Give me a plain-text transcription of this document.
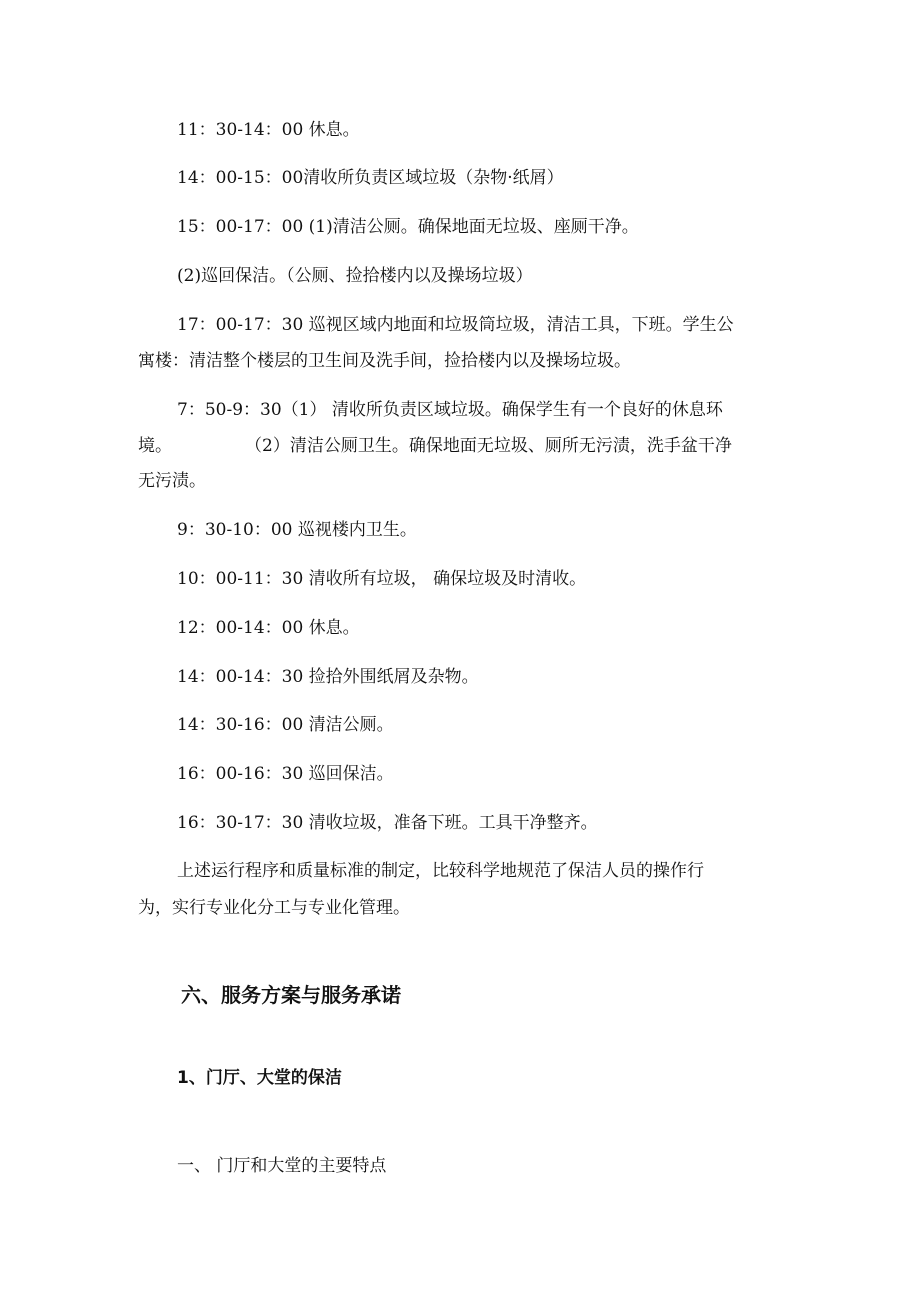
11：30-14：00 休息。
14：00-15：00清收所负责区域垃圾（杂物·纸屑）
15：00-17：00 (1)清洁公厕。确保地面无垃圾、座厕干净。
(2)巡回保洁。（公厕、捡拾楼内以及操场垃圾）
17：00-17：30 巡视区域内地面和垃圾筒垃圾，清洁工具，下班。学生公
寓楼：清洁整个楼层的卫生间及洗手间，捡拾楼内以及操场垃圾。
7：50-9：30（1） 清收所负责区域垃圾。确保学生有一个良好的休息环
境。	（2）清洁公厕卫生。确保地面无垃圾、厕所无污渍，洗手盆干净
无污渍。
9：30-10：00 巡视楼内卫生。
10：00-11：30 清收所有垃圾， 确保垃圾及时清收。
12：00-14：00 休息。
14：00-14：30 捡拾外围纸屑及杂物。
14：30-16：00 清洁公厕。
16：00-16：30 巡回保洁。
16：30-17：30 清收垃圾，准备下班。工具干净整齐。
上述运行程序和质量标准的制定，比较科学地规范了保洁人员的操作行
为，实行专业化分工与专业化管理。
六、服务方案与服务承诺
1、门厅、大堂的保洁
一、 门厅和大堂的主要特点
